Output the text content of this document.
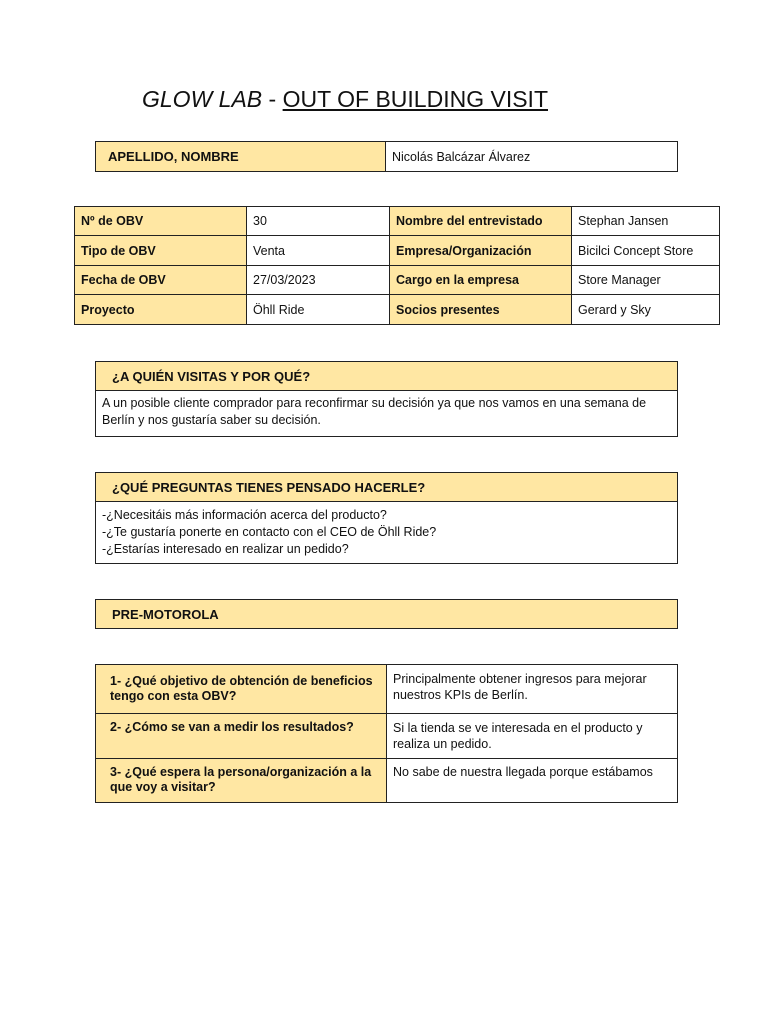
GLOW LAB - OUT OF BUILDING VISIT
APELLIDO, NOMBRE	Nicolás Balcázar Álvarez
Nº de OBV	30	Nombre del entrevistado	Stephan Jansen
Tipo de OBV	Venta	Empresa/Organización	Bicilci Concept Store
Fecha de OBV	27/03/2023	Cargo en la empresa	Store Manager
Proyecto	Öhll Ride	Socios presentes	Gerard y Sky
¿A QUIÉN VISITAS Y POR QUÉ?
A un posible cliente comprador para reconfirmar su decisión ya que nos vamos en una semana de Berlín y nos gustaría saber su decisión.
¿QUÉ PREGUNTAS TIENES PENSADO HACERLE?
-¿Necesitáis más información acerca del producto?
-¿Te gustaría ponerte en contacto con el CEO de Öhll Ride?
-¿Estarías interesado en realizar un pedido?
PRE-MOTOROLA
1- ¿Qué objetivo de obtención de beneficios tengo con esta OBV?	Principalmente obtener ingresos para mejorar nuestros KPIs de Berlín.
2- ¿Cómo se van a medir los resultados?	Si la tienda se ve interesada en el producto y realiza un pedido.
3- ¿Qué espera la persona/organización a la que voy a visitar?	No sabe de nuestra llegada porque estábamos
